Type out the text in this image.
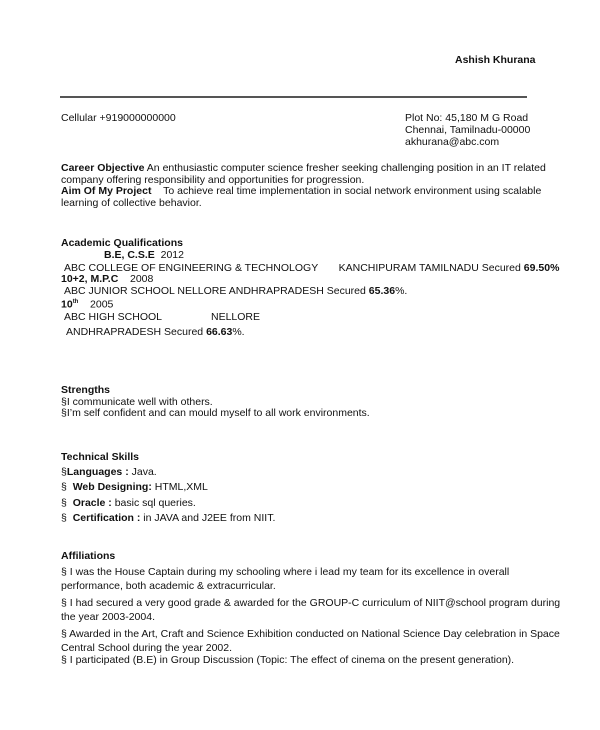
Ashish Khurana
Cellular +919000000000	Plot No: 45,180 M G Road
Chennai, Tamilnadu-00000
akhurana@abc.com
Career Objective An enthusiastic computer science fresher seeking challenging position in an IT related
company offering responsibility and opportunities for progression.
Aim Of My Project To achieve real time implementation in social network environment using scalable
learning of collective behavior.
Academic Qualifications
B.E, C.S.E 2012
ABC COLLEGE OF ENGINEERING & TECHNOLOGY KANCHIPURAM TAMILNADU Secured 69.50%
10+2, M.P.C 2008
ABC JUNIOR SCHOOL NELLORE ANDHRAPRADESH Secured 65.36%.
10th 2005
ABC HIGH SCHOOL	NELLORE
ANDHRAPRADESH Secured 66.63%.
Strengths
§I communicate well with others.
§I’m self confident and can mould myself to all work environments.
Technical Skills
§Languages : Java.
§ Web Designing: HTML,XML
§ Oracle : basic sql queries.
§ Certification : in JAVA and J2EE from NIIT.
Affiliations
§ I was the House Captain during my schooling where i lead my team for its excellence in overall
performance, both academic & extracurricular.
§ I had secured a very good grade & awarded for the GROUP-C curriculum of NIIT@school program during
the year 2003-2004.
§ Awarded in the Art, Craft and Science Exhibition conducted on National Science Day celebration in Space
Central School during the year 2002.
§ I participated (B.E) in Group Discussion (Topic: The effect of cinema on the present generation).
